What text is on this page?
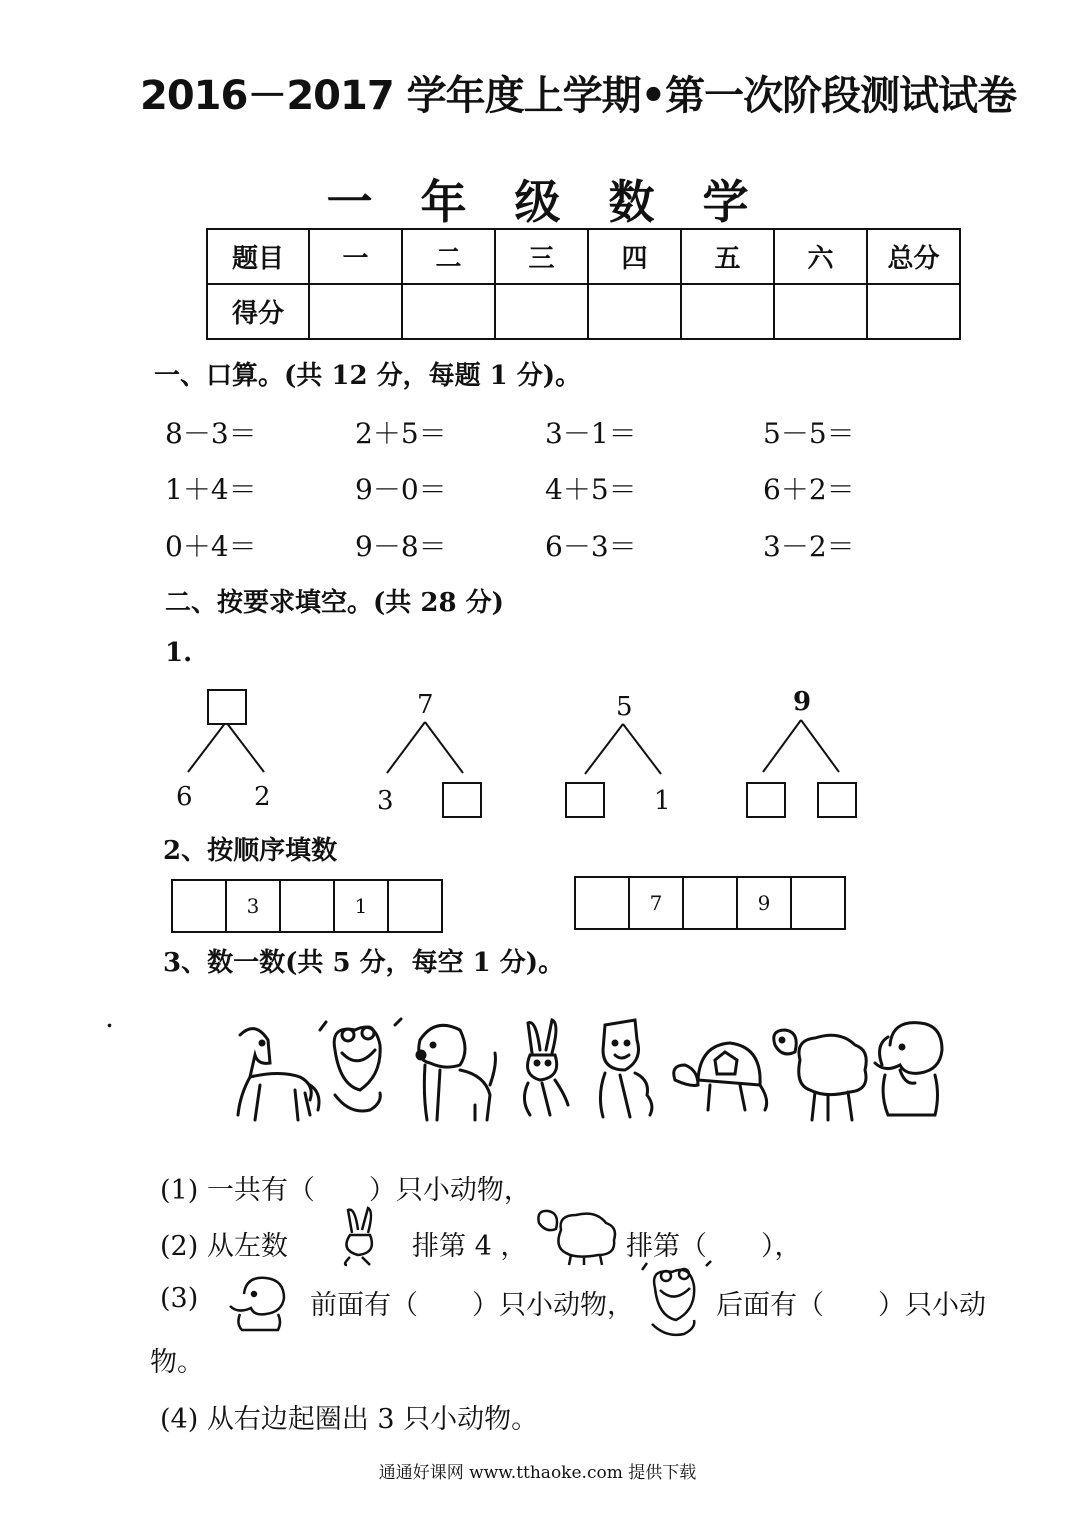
2016－2017 学年度上学期•第一次阶段测试试卷
一 年 级 数 学
题目	一	二	三	四	五	六	总分
得分							
一、口算。(共 12 分，每题 1 分)。
8－3＝	2＋5＝	3－1＝	5－5＝
1＋4＝	9－0＝	4＋5＝	6＋2＝
0＋4＝	9－8＝	6－3＝	3－2＝
二、按要求填空。(共 28 分)
1.
6 2
7
3
5
1
9
2、按顺序填数
3	1	7	9
3、数一数(共 5 分，每空 1 分)。
.
(1) 一共有（　　）只小动物，
(2) 从左数	排第 4 ，	排第（　　），
(3)	前面有（　　）只小动物，	后面有（　　）只小动
物。
(4) 从右边起圈出 3 只小动物。
通通好课网 www.tthaoke.com 提供下载
